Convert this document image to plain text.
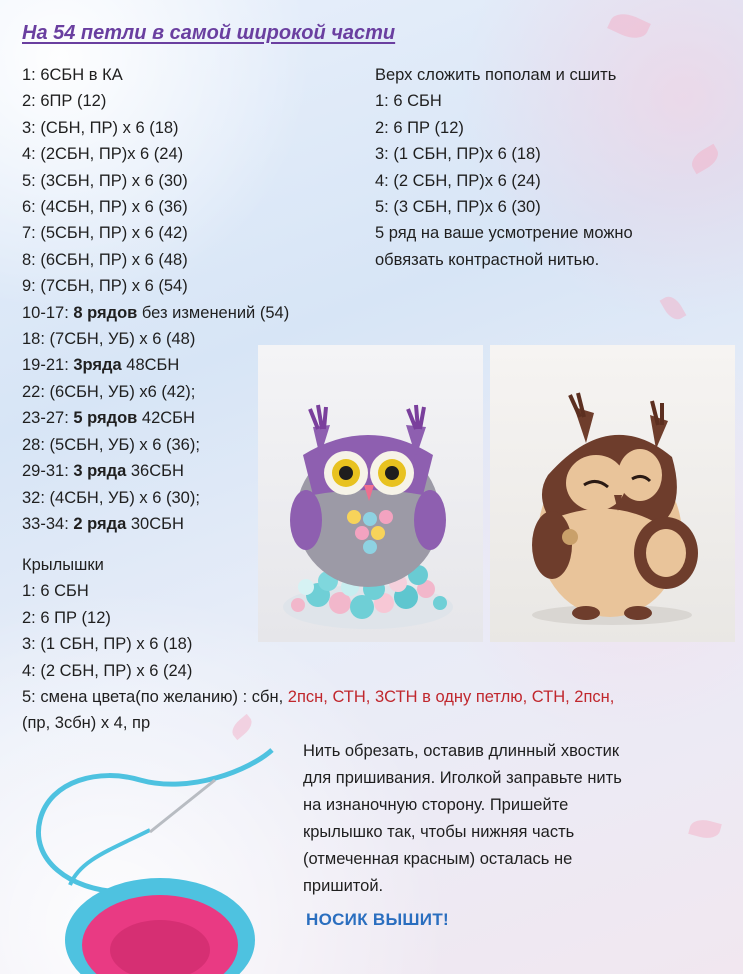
На 54 петли в самой широкой части
1: 6СБН в КА
2: 6ПР (12)
3: (СБН, ПР) х 6 (18)
4: (2СБН, ПР)х 6 (24)
5: (3СБН, ПР) х 6 (30)
6: (4СБН, ПР) х 6 (36)
7: (5СБН, ПР) х 6 (42)
8: (6СБН, ПР) х 6 (48)
9: (7СБН, ПР) х 6 (54)
10-17: 8 рядов без изменений (54)
18: (7СБН, УБ) х 6 (48)
19-21: 3ряда 48СБН
22: (6СБН, УБ) х6 (42);
23-27: 5 рядов 42СБН
28: (5СБН, УБ) х 6 (36);
29-31: 3 ряда 36СБН
32: (4СБН, УБ) х 6 (30);
33-34: 2 ряда 30СБН
Верх сложить пополам и сшить
1: 6 СБН
2: 6 ПР (12)
3: (1 СБН, ПР)х 6 (18)
4: (2 СБН, ПР)х 6 (24)
5: (3 СБН, ПР)х 6 (30)
5 ряд на ваше усмотрение можно
обвязать контрастной нитью.
Крылышки
1: 6 СБН
2: 6 ПР (12)
3: (1 СБН, ПР) х 6 (18)
4: (2 СБН, ПР) х 6 (24)
5: смена цвета(по желанию) : сбн, 2псн, СТН, 3СТН в одну петлю, СТН, 2псн,
(пр, 3сбн) х 4, пр
Нить обрезать, оставив длинный хвостик
для пришивания. Иголкой заправьте нить
на изнаночную сторону. Пришейте
крылышко так, чтобы нижняя часть
(отмеченная красным) осталась не
пришитой.
НОСИК ВЫШИТ!
